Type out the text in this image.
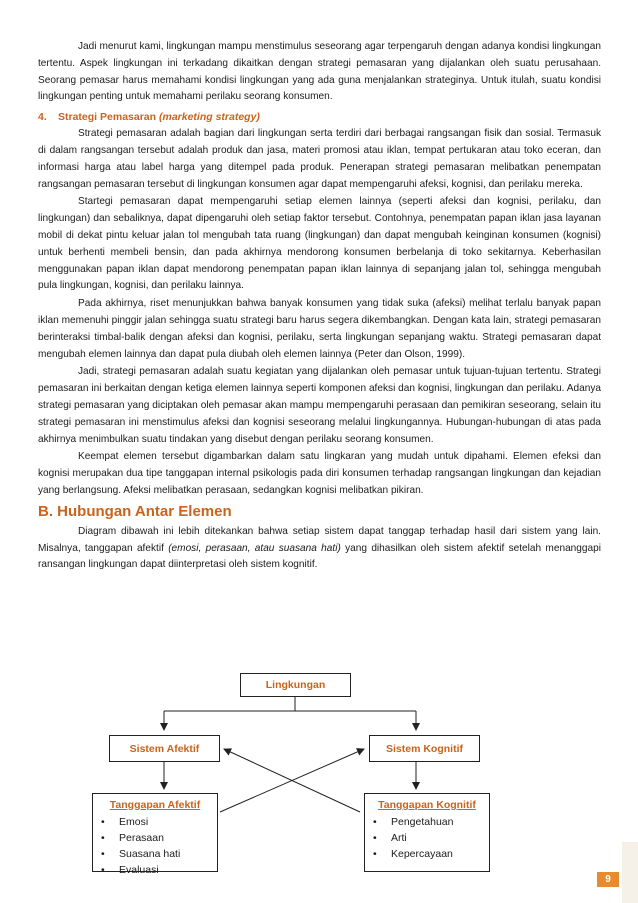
Jadi menurut kami, lingkungan mampu menstimulus seseorang agar terpengaruh dengan adanya kondisi lingkungan tertentu. Aspek lingkungan ini terkadang dikaitkan dengan strategi pemasaran yang dijalankan oleh suatu perusahaan. Seorang pemasar harus memahami kondisi lingkungan yang ada guna menjalankan strateginya. Untuk itulah, suatu kondisi lingkungan penting untuk memahami perilaku seorang konsumen.

4. Strategi Pemasaran (marketing strategy)

Strategi pemasaran adalah bagian dari lingkungan serta terdiri dari berbagai rangsangan fisik dan sosial. Termasuk di dalam rangsangan tersebut adalah produk dan jasa, materi promosi atau iklan, tempat pertukaran atau toko eceran, dan informasi harga atau label harga yang ditempel pada produk. Penerapan strategi pemasaran melibatkan penempatan rangsangan pemasaran tersebut di lingkungan konsumen agar dapat mempengaruhi afeksi, kognisi, dan perilaku mereka.

Startegi pemasaran dapat mempengaruhi setiap elemen lainnya (seperti afeksi dan kognisi, perilaku, dan lingkungan) dan sebaliknya, dapat dipengaruhi oleh setiap faktor tersebut. Contohnya, penempatan papan iklan jasa layanan mobil di dekat pintu keluar jalan tol mengubah tata ruang (lingkungan) dan dapat mengubah keinginan konsumen (kognisi) untuk berhenti membeli bensin, dan pada akhirnya mendorong konsumen berbelanja di toko sekitarnya. Keberhasilan menggunakan papan iklan dapat mendorong penempatan papan iklan lainnya di sepanjang jalan tol, sehingga mengubah pula lingkungan, kognisi, dan perilaku lainnya.

Pada akhirnya, riset menunjukkan bahwa banyak konsumen yang tidak suka (afeksi) melihat terlalu banyak papan iklan memenuhi pinggir jalan sehingga suatu strategi baru harus segera dikembangkan. Dengan kata lain, strategi pemasaran berinteraksi timbal-balik dengan afeksi dan kognisi, perilaku, serta lingkungan sepanjang waktu. Strategi pemasaran dapat mengubah elemen lainnya dan dapat pula diubah oleh elemen lainnya (Peter dan Olson, 1999).

Jadi, strategi pemasaran adalah suatu kegiatan yang dijalankan oleh pemasar untuk tujuan-tujuan tertentu. Strategi pemasaran ini berkaitan dengan ketiga elemen lainnya seperti komponen afeksi dan kognisi, lingkungan dan perilaku. Adanya strategi pemasaran yang diciptakan oleh pemasar akan mampu mempengaruhi perasaan dan pemikiran seseorang, selain itu strategi pemasaran ini menstimulus afeksi dan kognisi seseorang melalui lingkungannya. Hubungan-hubungan di atas pada akhirnya menimbulkan suatu tindakan yang disebut dengan perilaku seorang konsumen.

Keempat elemen tersebut digambarkan dalam satu lingkaran yang mudah untuk dipahami. Elemen efeksi dan kognisi merupakan dua tipe tanggapan internal psikologis pada diri konsumen terhadap rangsangan lingkungan dan kejadian yang berlangsung. Afeksi melibatkan perasaan, sedangkan kognisi melibatkan pikiran.

B. Hubungan Antar Elemen

Diagram dibawah ini lebih ditekankan bahwa setiap sistem dapat tanggap terhadap hasil dari sistem yang lain. Misalnya, tanggapan afektif (emosi, perasaan, atau suasana hati) yang dihasilkan oleh sistem afektif setelah menanggapi ransangan lingkungan dapat diinterpretasi oleh sistem kognitif.

Lingkungan
Sistem Afektif	Sistem Kognitif
Tanggapan Afektif
• Emosi
• Perasaan
• Suasana hati
• Evaluasi
Tanggapan Kognitif
• Pengetahuan
• Arti
• Kepercayaan
9
